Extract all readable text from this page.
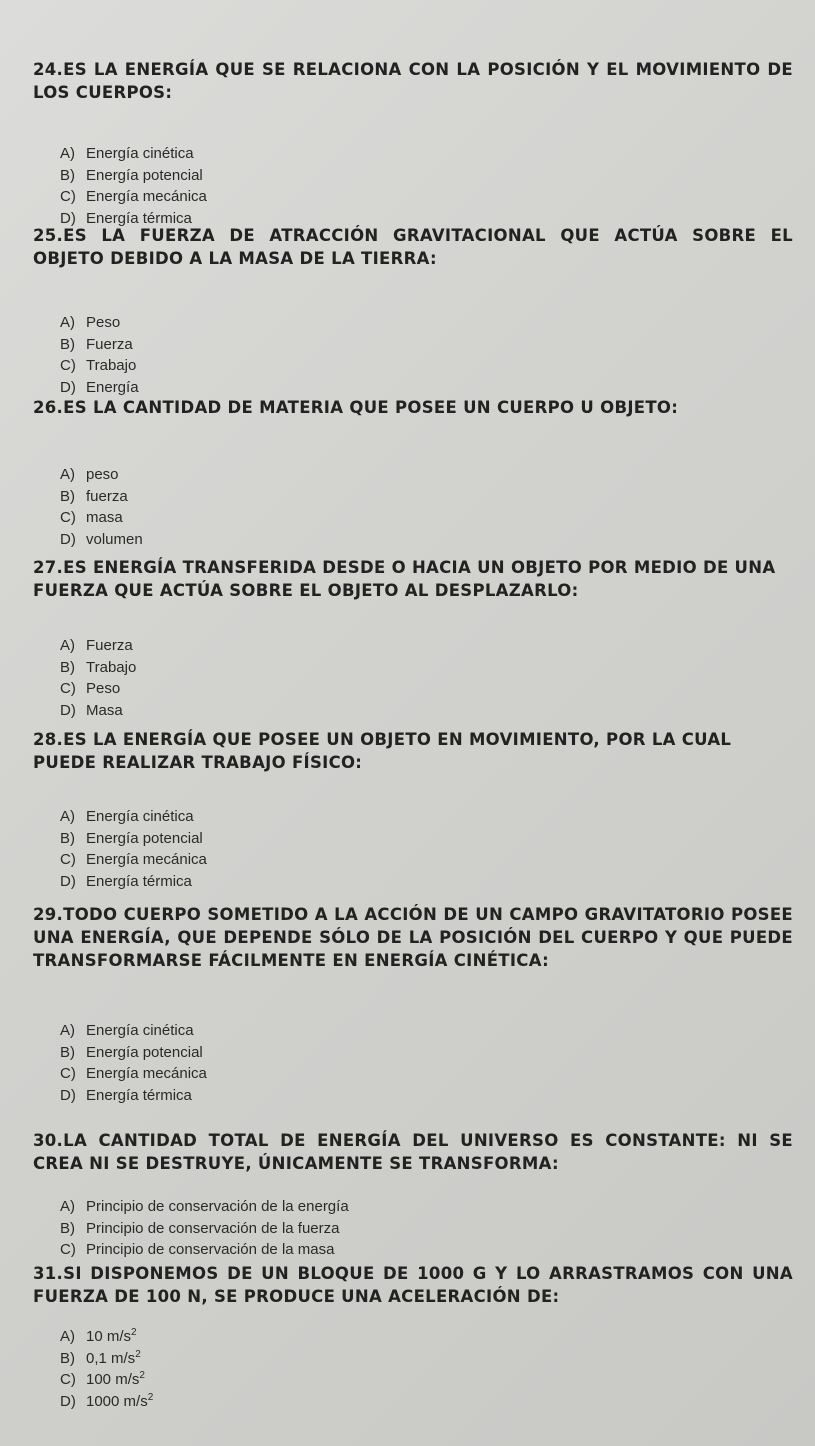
24.ES LA ENERGÍA QUE SE RELACIONA CON LA POSICIÓN Y EL MOVIMIENTO DE LOS CUERPOS:
A) Energía cinética
B) Energía potencial
C) Energía mecánica
D) Energía térmica
25.ES LA FUERZA DE ATRACCIÓN GRAVITACIONAL QUE ACTÚA SOBRE EL OBJETO DEBIDO A LA MASA DE LA TIERRA:
A) Peso
B) Fuerza
C) Trabajo
D) Energía
26.ES LA CANTIDAD DE MATERIA QUE POSEE UN CUERPO U OBJETO:
A) peso
B) fuerza
C) masa
D) volumen
27.ES ENERGÍA TRANSFERIDA DESDE O HACIA UN OBJETO POR MEDIO DE UNA FUERZA QUE ACTÚA SOBRE EL OBJETO AL DESPLAZARLO:
A) Fuerza
B) Trabajo
C) Peso
D) Masa
28.ES LA ENERGÍA QUE POSEE UN OBJETO EN MOVIMIENTO, POR LA CUAL PUEDE REALIZAR TRABAJO FÍSICO:
A) Energía cinética
B) Energía potencial
C) Energía mecánica
D) Energía térmica
29.TODO CUERPO SOMETIDO A LA ACCIÓN DE UN CAMPO GRAVITATORIO POSEE UNA ENERGÍA, QUE DEPENDE SÓLO DE LA POSICIÓN DEL CUERPO Y QUE PUEDE TRANSFORMARSE FÁCILMENTE EN ENERGÍA CINÉTICA:
A) Energía cinética
B) Energía potencial
C) Energía mecánica
D) Energía térmica
30.LA CANTIDAD TOTAL DE ENERGÍA DEL UNIVERSO ES CONSTANTE: NI SE CREA NI SE DESTRUYE, ÚNICAMENTE SE TRANSFORMA:
A) Principio de conservación de la energía
B) Principio de conservación de la fuerza
C) Principio de conservación de la masa
31.SI DISPONEMOS DE UN BLOQUE DE 1000 G Y LO ARRASTRAMOS CON UNA FUERZA DE 100 N, SE PRODUCE UNA ACELERACIÓN DE:
A) 10 $m/s^2$
B) 0,1 $m/s^2$
C) 100 $m/s^2$
D) 1000 $m/s^2$
